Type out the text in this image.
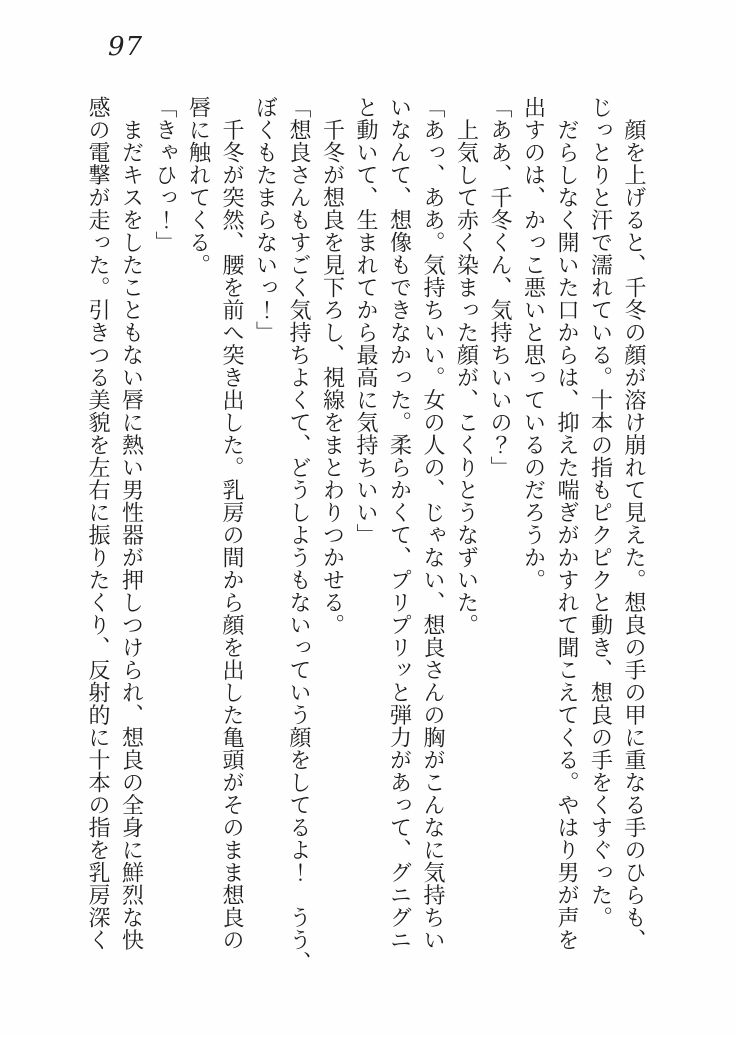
97

　顔を上げると、千冬の顔が溶け崩れて見えた。想良の手の甲に重なる手のひらも、

じっとりと汗で濡れている。十本の指もピクピクと動き、想良の手をくすぐった。

　だらしなく開いた口からは、抑えた喘ぎがかすれて聞こえてくる。やはり男が声を

出すのは、かっこ悪いと思っているのだろうか。

「ああ、千冬くん、気持ちいいの？」

　上気して赤く染まった顔が、こくりとうなずいた。

「あっ、ああ。気持ちいい。女の人の、じゃない、想良さんの胸がこんなに気持ちい

いなんて、想像もできなかった。柔らかくて、プリプリッと弾力があって、グニグニ

と動いて、生まれてから最高に気持ちいい」

　千冬が想良を見下ろし、視線をまとわりつかせる。

「想良さんもすごく気持ちよくて、どうしようもないっていう顔をしてるよ！　うう、

ぼくもたまらないっ！」

　千冬が突然、腰を前へ突き出した。乳房の間から顔を出した亀頭がそのまま想良の

唇に触れてくる。

「きゃひっ！」

　まだキスをしたこともない唇に熱い男性器が押しつけられ、想良の全身に鮮烈な快

感の電撃が走った。引きつる美貌を左右に振りたくり、反射的に十本の指を乳房深く
